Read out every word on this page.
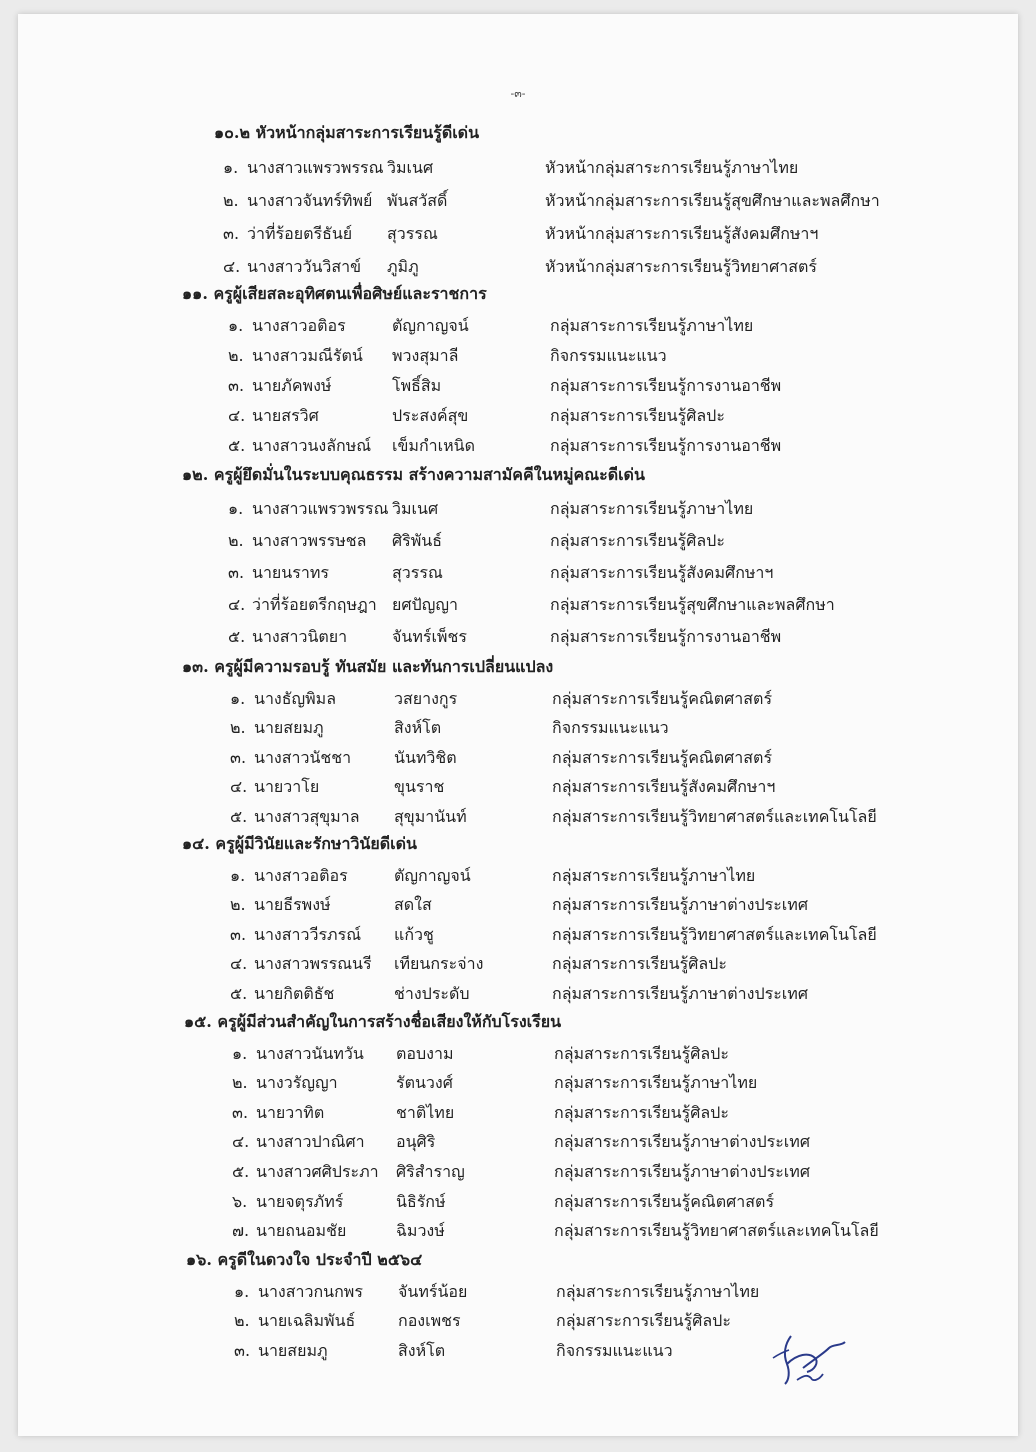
-๓-
๑๐.๒ หัวหน้ากลุ่มสาระการเรียนรู้ดีเด่น
๑. นางสาวแพรวพรรณ วิมเนศ	หัวหน้ากลุ่มสาระการเรียนรู้ภาษาไทย
๒. นางสาวจันทร์ทิพย์ พันสวัสดิ์	หัวหน้ากลุ่มสาระการเรียนรู้สุขศึกษาและพลศึกษา
๓. ว่าที่ร้อยตรีธันย์ สุวรรณ	หัวหน้ากลุ่มสาระการเรียนรู้สังคมศึกษาฯ
๔. นางสาววันวิสาข์ ภูมิภู	หัวหน้ากลุ่มสาระการเรียนรู้วิทยาศาสตร์
๑๑. ครูผู้เสียสละอุทิศตนเพื่อศิษย์และราชการ
๑. นางสาวอติอร	ตัญกาญจน์	กลุ่มสาระการเรียนรู้ภาษาไทย
๒. นางสาวมณีรัตน์ พวงสุมาลี	กิจกรรมแนะแนว
๓. นายภัคพงษ์	โพธิ์สิม	กลุ่มสาระการเรียนรู้การงานอาชีพ
๔. นายสรวิศ	ประสงค์สุข	กลุ่มสาระการเรียนรู้ศิลปะ
๕. นางสาวนงลักษณ์ เข็มกำเหนิด	กลุ่มสาระการเรียนรู้การงานอาชีพ
๑๒. ครูผู้ยึดมั่นในระบบคุณธรรม สร้างความสามัคคีในหมู่คณะดีเด่น
๑. นางสาวแพรวพรรณ วิมเนศ	กลุ่มสาระการเรียนรู้ภาษาไทย
๒. นางสาวพรรษชล ศิริพันธ์	กลุ่มสาระการเรียนรู้ศิลปะ
๓. นายนราทร	สุวรรณ	กลุ่มสาระการเรียนรู้สังคมศึกษาฯ
๔. ว่าที่ร้อยตรีกฤษฎา ยศปัญญา	กลุ่มสาระการเรียนรู้สุขศึกษาและพลศึกษา
๕. นางสาวนิตยา	จันทร์เพ็ชร	กลุ่มสาระการเรียนรู้การงานอาชีพ
๑๓. ครูผู้มีความรอบรู้ ทันสมัย และทันการเปลี่ยนแปลง
๑. นางธัญพิมล	วสยางกูร	กลุ่มสาระการเรียนรู้คณิตศาสตร์
๒. นายสยมภู	สิงห์โต	กิจกรรมแนะแนว
๓. นางสาวนัชชา	นันทวิชิต	กลุ่มสาระการเรียนรู้คณิตศาสตร์
๔. นายวาโย	ขุนราช	กลุ่มสาระการเรียนรู้สังคมศึกษาฯ
๕. นางสาวสุขุมาล สุขุมานันท์	กลุ่มสาระการเรียนรู้วิทยาศาสตร์และเทคโนโลยี
๑๔. ครูผู้มีวินัยและรักษาวินัยดีเด่น
๑. นางสาวอติอร	ตัญกาญจน์	กลุ่มสาระการเรียนรู้ภาษาไทย
๒. นายธีรพงษ์	สดใส	กลุ่มสาระการเรียนรู้ภาษาต่างประเทศ
๓. นางสาววีรภรณ์ แก้วชู	กลุ่มสาระการเรียนรู้วิทยาศาสตร์และเทคโนโลยี
๔. นางสาวพรรณนรี เทียนกระจ่าง	กลุ่มสาระการเรียนรู้ศิลปะ
๕. นายกิตติธัช	ช่างประดับ	กลุ่มสาระการเรียนรู้ภาษาต่างประเทศ
๑๕. ครูผู้มีส่วนสำคัญในการสร้างชื่อเสียงให้กับโรงเรียน
๑. นางสาวนันทวัน ตอบงาม	กลุ่มสาระการเรียนรู้ศิลปะ
๒. นางวรัญญา	รัตนวงศ์	กลุ่มสาระการเรียนรู้ภาษาไทย
๓. นายวาทิต	ชาติไทย	กลุ่มสาระการเรียนรู้ศิลปะ
๔. นางสาวปาณิศา อนุศิริ	กลุ่มสาระการเรียนรู้ภาษาต่างประเทศ
๕. นางสาวศศิประภา ศิริสำราญ	กลุ่มสาระการเรียนรู้ภาษาต่างประเทศ
๖. นายจตุรภัทร์	นิธิรักษ์	กลุ่มสาระการเรียนรู้คณิตศาสตร์
๗. นายถนอมชัย	ฉิมวงษ์	กลุ่มสาระการเรียนรู้วิทยาศาสตร์และเทคโนโลยี
๑๖. ครูดีในดวงใจ ประจำปี ๒๕๖๔
๑. นางสาวกนกพร จันทร์น้อย	กลุ่มสาระการเรียนรู้ภาษาไทย
๒. นายเฉลิมพันธ์	กองเพชร	กลุ่มสาระการเรียนรู้ศิลปะ
๓. นายสยมภู	สิงห์โต	กิจกรรมแนะแนว
